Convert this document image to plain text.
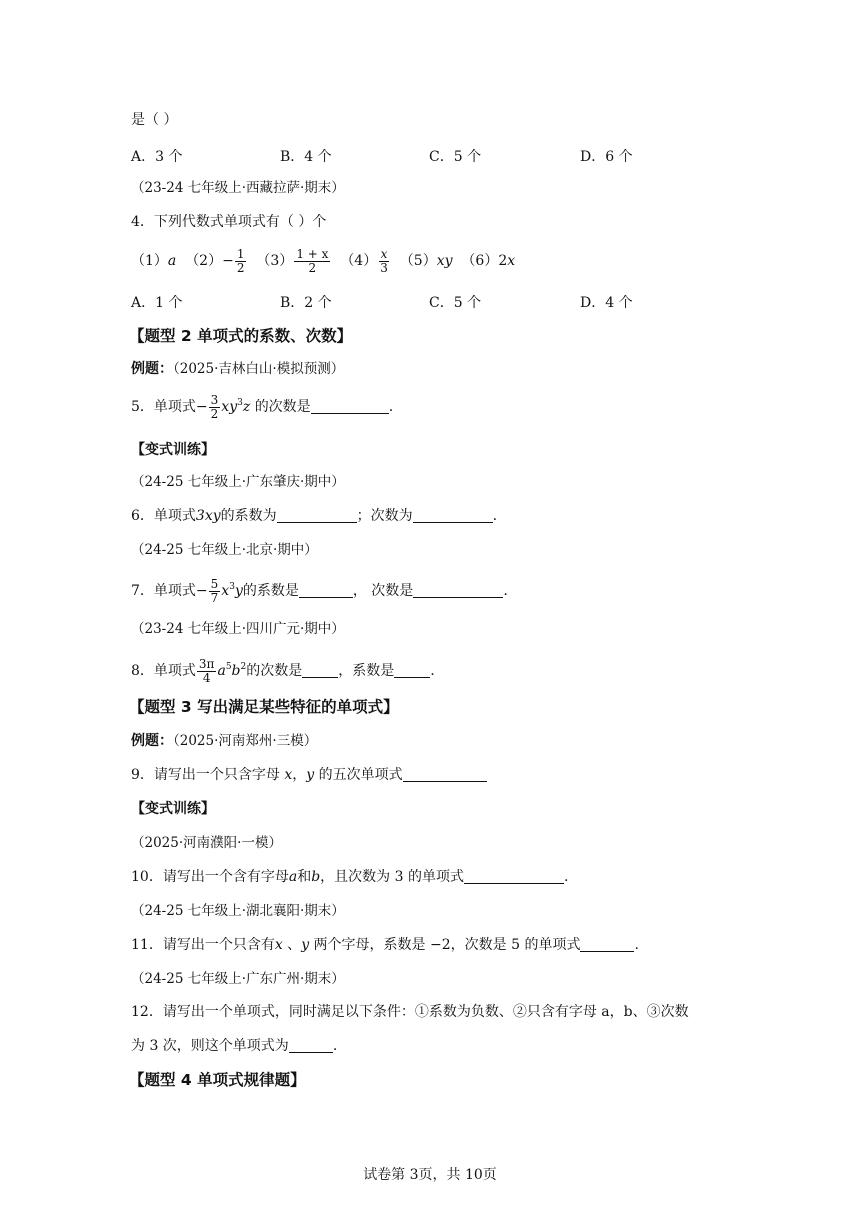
是（ ）
A．3 个	B．4 个	C．5 个	D．6 个
（23-24 七年级上·西藏拉萨·期末）
4．下列代数式单项式有（ ）个
（1）a $(2)- \frac{1}{2} (3) \frac{1 + x}{2} (4) \frac{x}{3} (5)xy$ （6）2x
A．1 个	B．2 个	C．5 个	D．4 个
【题型 2 单项式的系数、次数】
例题：（2025·吉林白山·模拟预测）
5．单项式− $\frac{3}{2} xy^3z$ 的次数是	.
【变式训练】
（24-25 七年级上·广东肇庆·期中）
6．单项式3xy的系数为	；次数为	.
（24-25 七年级上·北京·期中）
7．单项式− $\frac{5}{7} x^3y$的系数是	， 次数是	.
（23-24 七年级上·四川广元·期中）
8．单项式 $\frac{3\pi}{4} a^5b^2$的次数是	，系数是	.
【题型 3 写出满足某些特征的单项式】
例题：（2025·河南郑州·三模）
9．请写出一个只含字母 x，y 的五次单项式
【变式训练】
（2025·河南濮阳·一模）
10．请写出一个含有字母a和b，且次数为 3 的单项式	.
（24-25 七年级上·湖北襄阳·期末）
11．请写出一个只含有x 、y 两个字母，系数是 −2，次数是 5 的单项式	.
（24-25 七年级上·广东广州·期末）
12．请写出一个单项式，同时满足以下条件：①系数为负数、②只含有字母 a，b、③次数
为 3 次，则这个单项式为	.
【题型 4 单项式规律题】
试卷第 3页，共 10页
